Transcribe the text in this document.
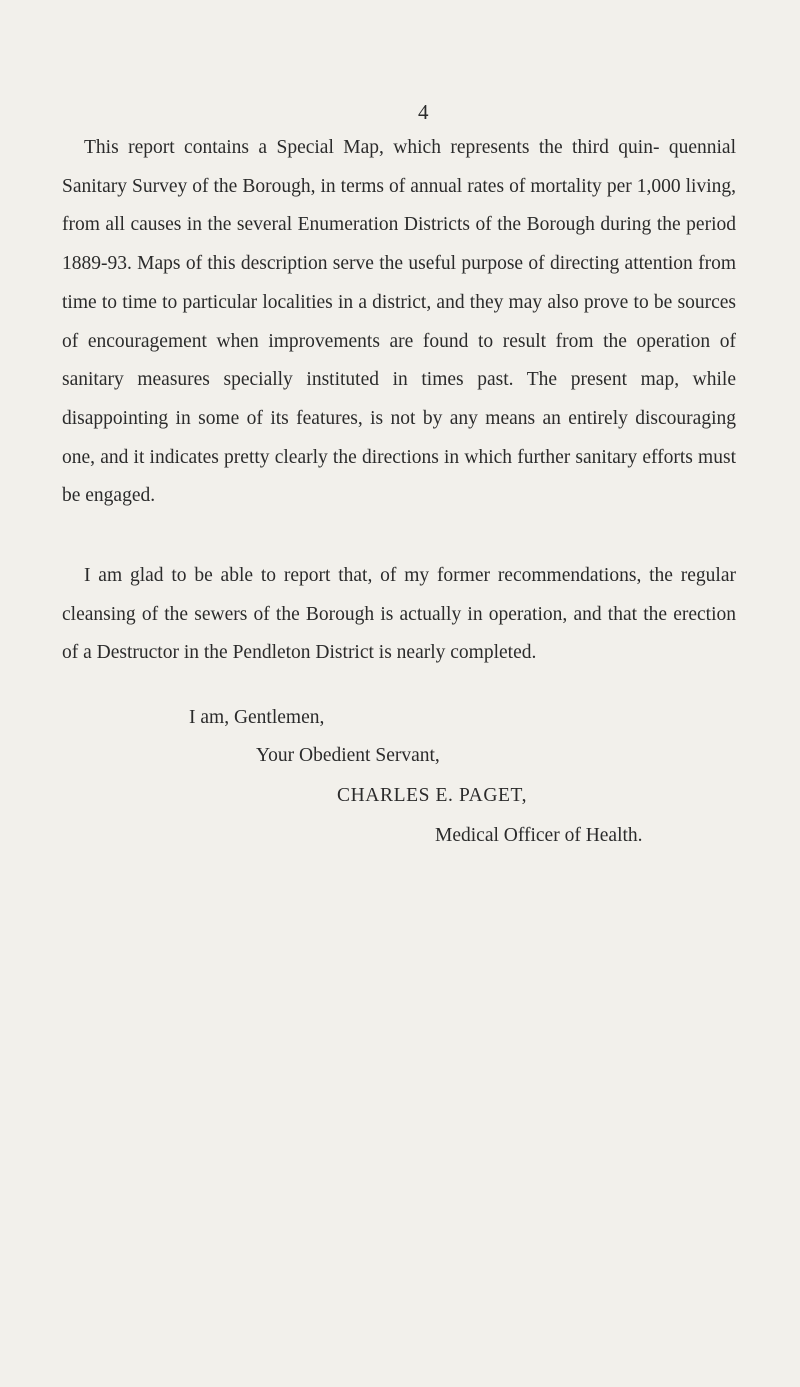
4

This report contains a Special Map, which represents the third quin- quennial Sanitary Survey of the Borough, in terms of annual rates of mortality per 1,000 living, from all causes in the several Enumeration Districts of the Borough during the period 1889-93. Maps of this description serve the useful purpose of directing attention from time to time to particular localities in a district, and they may also prove to be sources of encouragement when improvements are found to result from the operation of sanitary measures specially instituted in times past. The present map, while disappointing in some of its features, is not by any means an entirely discouraging one, and it indicates pretty clearly the directions in which further sanitary efforts must be engaged.

I am glad to be able to report that, of my former recommendations, the regular cleansing of the sewers of the Borough is actually in operation, and that the erection of a Destructor in the Pendleton District is nearly completed.

I am, Gentlemen,
Your Obedient Servant,
CHARLES E. PAGET,
Medical Officer of Health.
